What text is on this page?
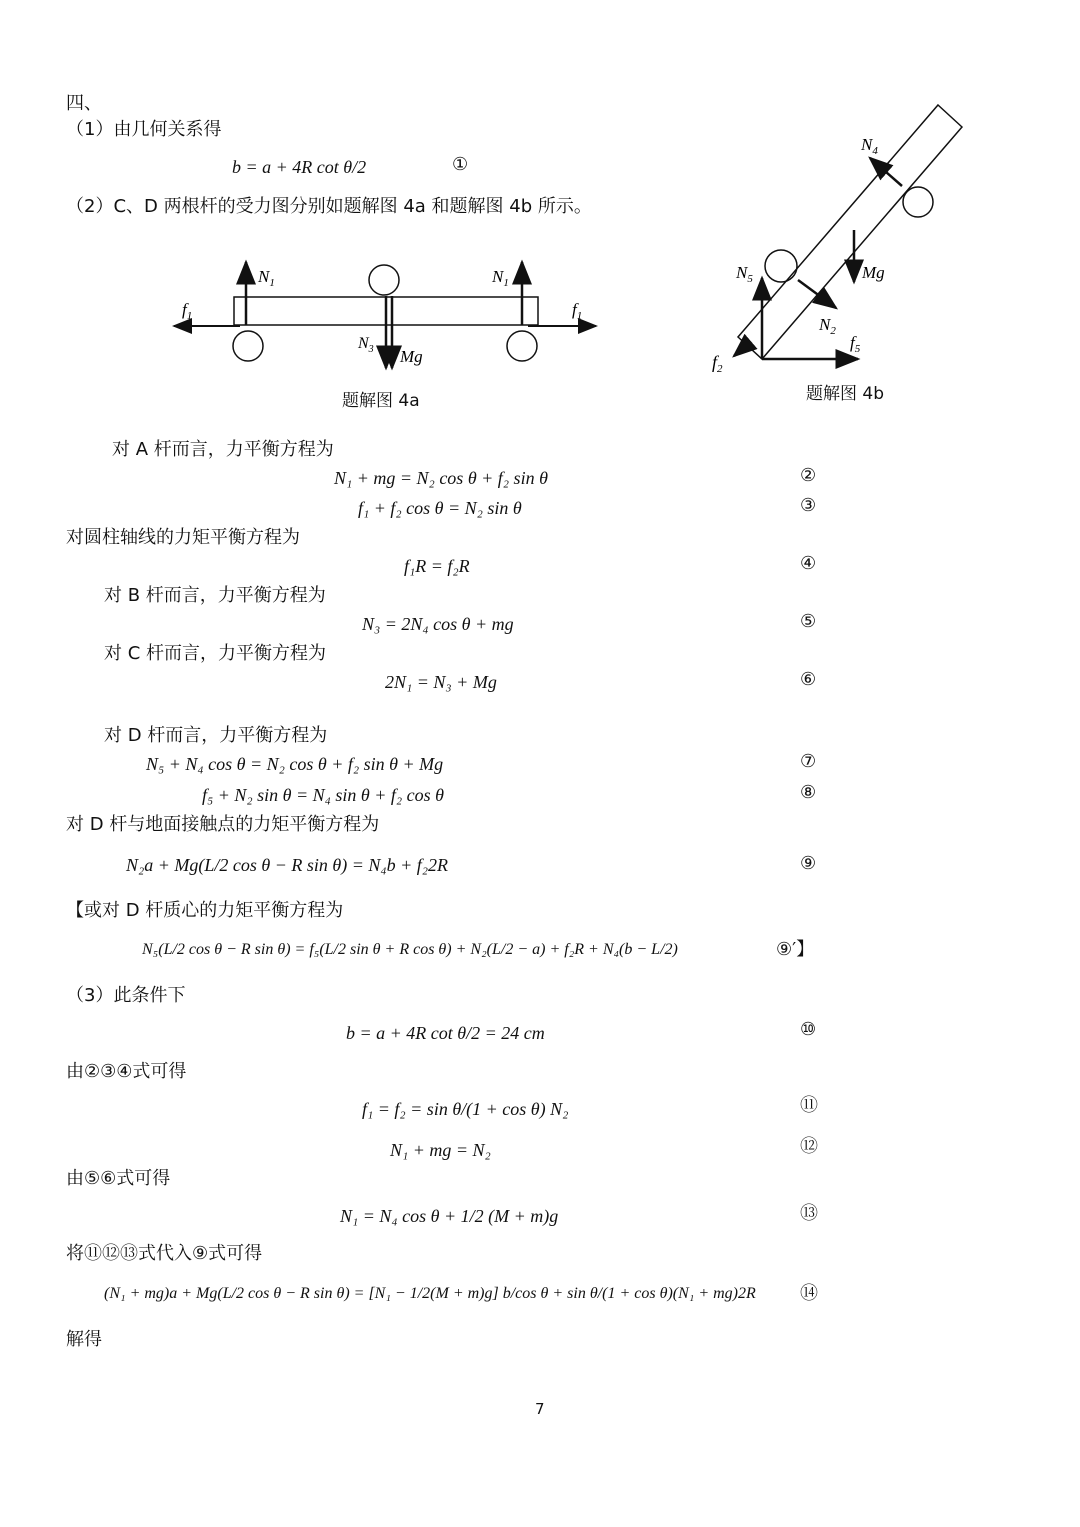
四、
（1）由几何关系得
b = a + 4R cot θ/2	①
（2）C、D 两根杆的受力图分别如题解图 4a 和题解图 4b 所示。
$N_1$	$N_1$
$f_1$	$f_1$
$N_3$ Mg
题解图 4a
$N_4$
$N_5$
$N_2$
$f_2$
$f_5$
Mg
题解图 4b
对 A 杆而言，力平衡方程为
N₁ + mg = N₂ cos θ + f₂ sin θ	②
f₁ + f₂ cos θ = N₂ sin θ	③
对圆柱轴线的力矩平衡方程为
f₁R = f₂R	④
对 B 杆而言，力平衡方程为
N₃ = 2N₄ cos θ + mg	⑤
对 C 杆而言，力平衡方程为
2N₁ = N₃ + Mg	⑥
对 D 杆而言，力平衡方程为
N₅ + N₄ cos θ = N₂ cos θ + f₂ sin θ + Mg	⑦
f₅ + N₂ sin θ = N₄ sin θ + f₂ cos θ	⑧
对 D 杆与地面接触点的力矩平衡方程为
N₂a + Mg(L/2 cos θ − R sin θ) = N₄b + f₂2R	⑨
【或对 D 杆质心的力矩平衡方程为
N₅(L/2 cos θ − R sin θ) = f₅(L/2 sin θ + R cos θ) + N₂(L/2 − a) + f₂R + N₄(b − L/2)	⑨′】
（3）此条件下
b = a + 4R cot θ/2 = 24 cm	⑩
由②③④式可得
f₁ = f₂ = sin θ/(1 + cos θ) N₂	⑪
N₁ + mg = N₂	⑫
由⑤⑥式可得
N₁ = N₄ cos θ + 1/2 (M + m)g	⑬
将⑪⑫⑬式代入⑨式可得
(N₁ + mg)a + Mg(L/2 cos θ − R sin θ) = [N₁ − 1/2(M + m)g] b/cos θ + sin θ/(1 + cos θ)(N₁ + mg)2R ⑭
解得
7
